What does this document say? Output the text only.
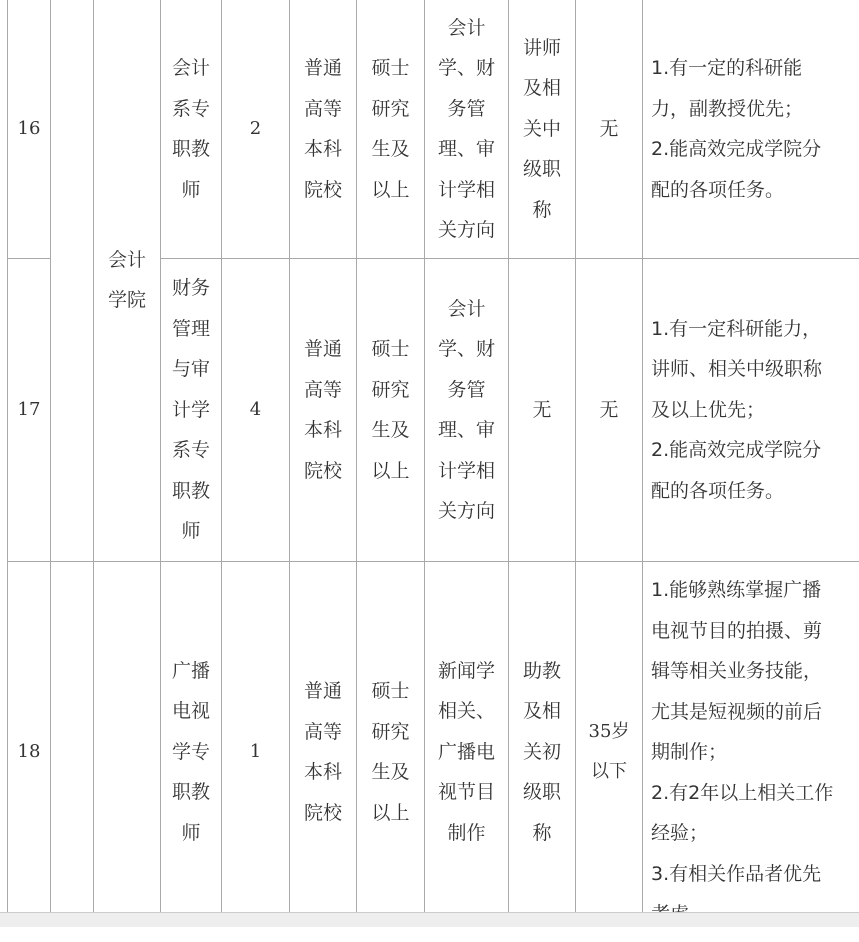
16
会计
系专
职教
师
2
普通
高等
本科
院校
硕士
研究
生及
以上
会计
学、财
务管
理、审
计学相
关方向
讲师
及相
关中
级职
称
无
1.有一定的科研能
力，副教授优先；
2.能高效完成学院分
配的各项任务。
会计
学院
17
财务
管理
与审
计学
系专
职教
师
4
普通
高等
本科
院校
硕士
研究
生及
以上
会计
学、财
务管
理、审
计学相
关方向
无	无
1.有一定科研能力，
讲师、相关中级职称
及以上优先；
2.能高效完成学院分
配的各项任务。
18
广播
电视
学专
职教
师
1
普通
高等
本科
院校
硕士
研究
生及
以上
新闻学
相关、
广播电
视节目
制作
助教
及相
关初
级职
称
35岁
以下
1.能够熟练掌握广播
电视节目的拍摄、剪
辑等相关业务技能，
尤其是短视频的前后
期制作；
2.有2年以上相关工作
经验；
3.有相关作品者优先
